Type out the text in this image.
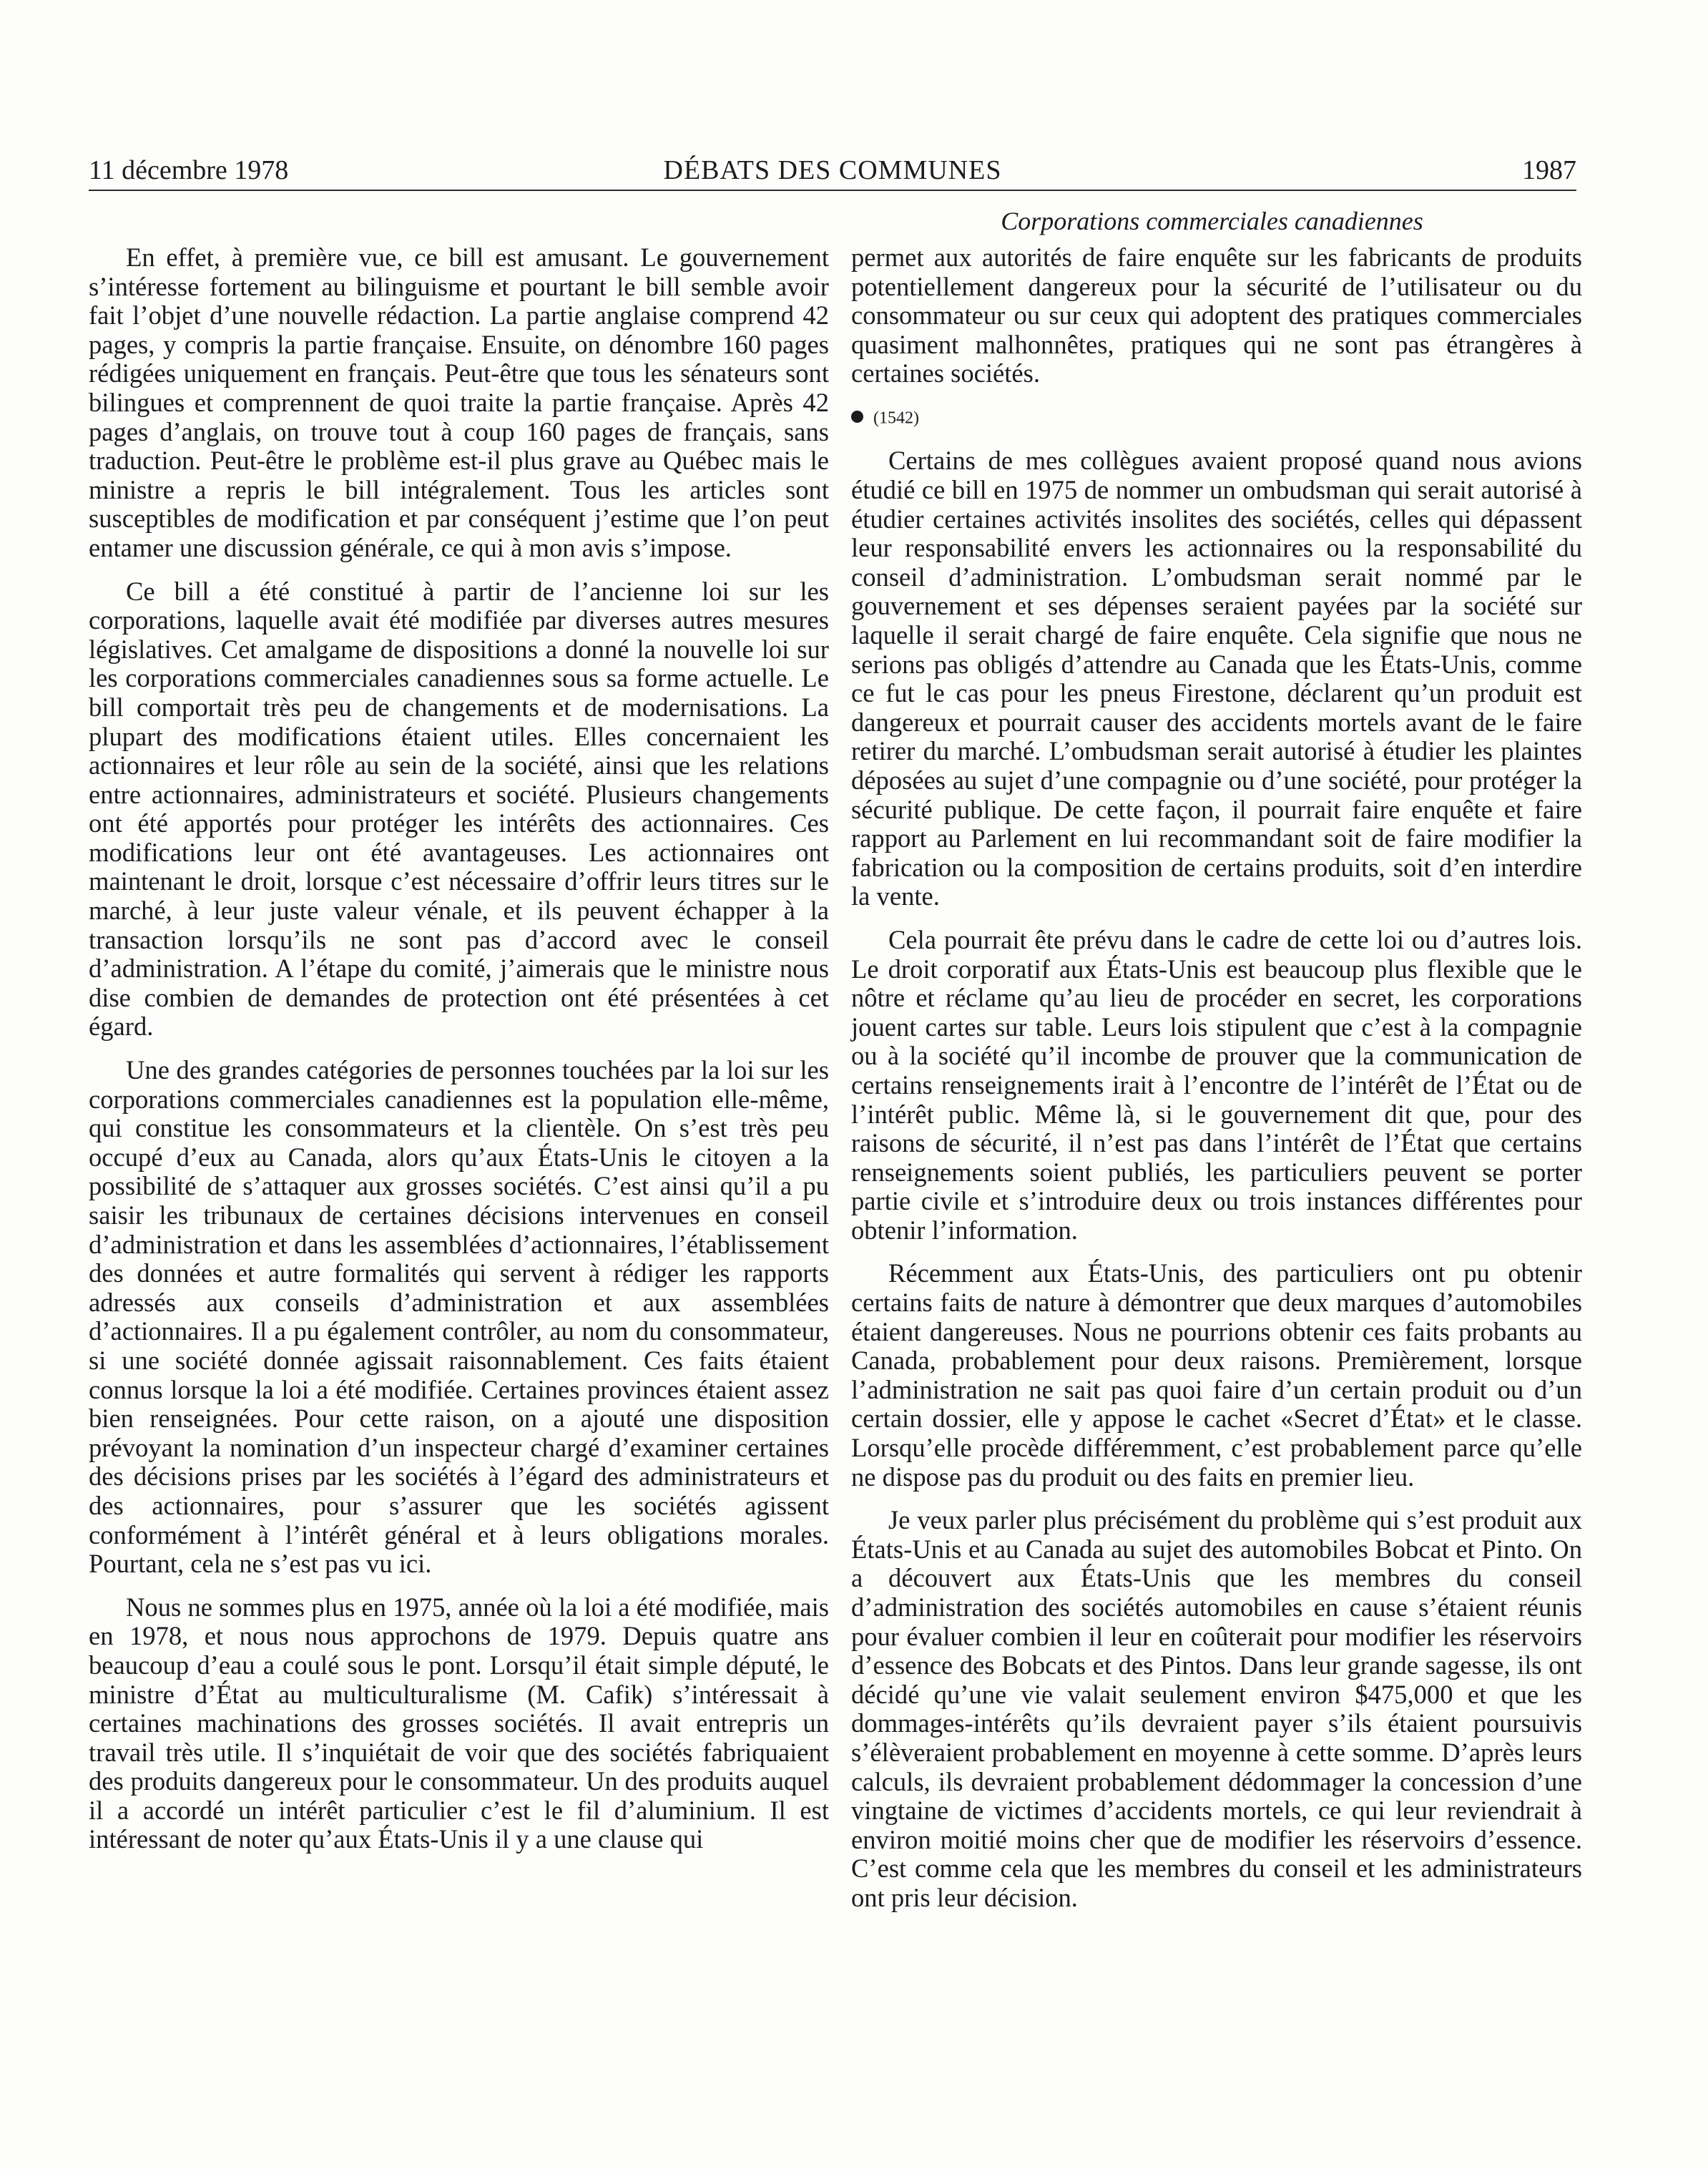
11 décembre 1978	DÉBATS DES COMMUNES	1987
Corporations commerciales canadiennes

En effet, à première vue, ce bill est amusant. Le gouvernement s’intéresse fortement au bilinguisme et pourtant le bill semble avoir fait l’objet d’une nouvelle rédaction. La partie anglaise comprend 42 pages, y compris la partie française. Ensuite, on dénombre 160 pages rédigées uniquement en français. Peut-être que tous les sénateurs sont bilingues et comprennent de quoi traite la partie française. Après 42 pages d’anglais, on trouve tout à coup 160 pages de français, sans traduction. Peut-être le problème est-il plus grave au Québec mais le ministre a repris le bill intégralement. Tous les articles sont susceptibles de modification et par conséquent j’estime que l’on peut entamer une discussion générale, ce qui à mon avis s’impose.

Ce bill a été constitué à partir de l’ancienne loi sur les corporations, laquelle avait été modifiée par diverses autres mesures législatives. Cet amalgame de dispositions a donné la nouvelle loi sur les corporations commerciales canadiennes sous sa forme actuelle. Le bill comportait très peu de changements et de modernisations. La plupart des modifications étaient utiles. Elles concernaient les actionnaires et leur rôle au sein de la société, ainsi que les relations entre actionnaires, administrateurs et société. Plusieurs changements ont été apportés pour protéger les intérêts des actionnaires. Ces modifications leur ont été avantageuses. Les actionnaires ont maintenant le droit, lorsque c’est nécessaire d’offrir leurs titres sur le marché, à leur juste valeur vénale, et ils peuvent échapper à la transaction lorsqu’ils ne sont pas d’accord avec le conseil d’administration. A l’étape du comité, j’aimerais que le ministre nous dise combien de demandes de protection ont été présentées à cet égard.

Une des grandes catégories de personnes touchées par la loi sur les corporations commerciales canadiennes est la population elle-même, qui constitue les consommateurs et la clientèle. On s’est très peu occupé d’eux au Canada, alors qu’aux États-Unis le citoyen a la possibilité de s’attaquer aux grosses sociétés. C’est ainsi qu’il a pu saisir les tribunaux de certaines décisions intervenues en conseil d’administration et dans les assemblées d’actionnaires, l’établissement des données et autre formalités qui servent à rédiger les rapports adressés aux conseils d’administration et aux assemblées d’actionnaires. Il a pu également contrôler, au nom du consommateur, si une société donnée agissait raisonnablement. Ces faits étaient connus lorsque la loi a été modifiée. Certaines provinces étaient assez bien renseignées. Pour cette raison, on a ajouté une disposition prévoyant la nomination d’un inspecteur chargé d’examiner certaines des décisions prises par les sociétés à l’égard des administrateurs et des actionnaires, pour s’assurer que les sociétés agissent conformément à l’intérêt général et à leurs obligations morales. Pourtant, cela ne s’est pas vu ici.

Nous ne sommes plus en 1975, année où la loi a été modifiée, mais en 1978, et nous nous approchons de 1979. Depuis quatre ans beaucoup d’eau a coulé sous le pont. Lorsqu’il était simple député, le ministre d’État au multiculturalisme (M. Cafik) s’intéressait à certaines machinations des grosses sociétés. Il avait entrepris un travail très utile. Il s’inquiétait de voir que des sociétés fabriquaient des produits dangereux pour le consommateur. Un des produits auquel il a accordé un intérêt particulier c’est le fil d’aluminium. Il est intéressant de noter qu’aux États-Unis il y a une clause qui

permet aux autorités de faire enquête sur les fabricants de produits potentiellement dangereux pour la sécurité de l’utilisateur ou du consommateur ou sur ceux qui adoptent des pratiques commerciales quasiment malhonnêtes, pratiques qui ne sont pas étrangères à certaines sociétés.

(1542)

Certains de mes collègues avaient proposé quand nous avions étudié ce bill en 1975 de nommer un ombudsman qui serait autorisé à étudier certaines activités insolites des sociétés, celles qui dépassent leur responsabilité envers les actionnaires ou la responsabilité du conseil d’administration. L’ombudsman serait nommé par le gouvernement et ses dépenses seraient payées par la société sur laquelle il serait chargé de faire enquête. Cela signifie que nous ne serions pas obligés d’attendre au Canada que les États-Unis, comme ce fut le cas pour les pneus Firestone, déclarent qu’un produit est dangereux et pourrait causer des accidents mortels avant de le faire retirer du marché. L’ombudsman serait autorisé à étudier les plaintes déposées au sujet d’une compagnie ou d’une société, pour protéger la sécurité publique. De cette façon, il pourrait faire enquête et faire rapport au Parlement en lui recommandant soit de faire modifier la fabrication ou la composition de certains produits, soit d’en interdire la vente.

Cela pourrait ête prévu dans le cadre de cette loi ou d’autres lois. Le droit corporatif aux États-Unis est beaucoup plus flexible que le nôtre et réclame qu’au lieu de procéder en secret, les corporations jouent cartes sur table. Leurs lois stipulent que c’est à la compagnie ou à la société qu’il incombe de prouver que la communication de certains renseignements irait à l’encontre de l’intérêt de l’État ou de l’intérêt public. Même là, si le gouvernement dit que, pour des raisons de sécurité, il n’est pas dans l’intérêt de l’État que certains renseignements soient publiés, les particuliers peuvent se porter partie civile et s’introduire deux ou trois instances différentes pour obtenir l’information.

Récemment aux États-Unis, des particuliers ont pu obtenir certains faits de nature à démontrer que deux marques d’automobiles étaient dangereuses. Nous ne pourrions obtenir ces faits probants au Canada, probablement pour deux raisons. Premièrement, lorsque l’administration ne sait pas quoi faire d’un certain produit ou d’un certain dossier, elle y appose le cachet «Secret d’État» et le classe. Lorsqu’elle procède différemment, c’est probablement parce qu’elle ne dispose pas du produit ou des faits en premier lieu.

Je veux parler plus précisément du problème qui s’est produit aux États-Unis et au Canada au sujet des automobiles Bobcat et Pinto. On a découvert aux États-Unis que les membres du conseil d’administration des sociétés automobiles en cause s’étaient réunis pour évaluer combien il leur en coûterait pour modifier les réservoirs d’essence des Bobcats et des Pintos. Dans leur grande sagesse, ils ont décidé qu’une vie valait seulement environ $475,000 et que les dommages-intérêts qu’ils devraient payer s’ils étaient poursuivis s’élèveraient probablement en moyenne à cette somme. D’après leurs calculs, ils devraient probablement dédommager la concession d’une vingtaine de victimes d’accidents mortels, ce qui leur reviendrait à environ moitié moins cher que de modifier les réservoirs d’essence. C’est comme cela que les membres du conseil et les administrateurs ont pris leur décision.
